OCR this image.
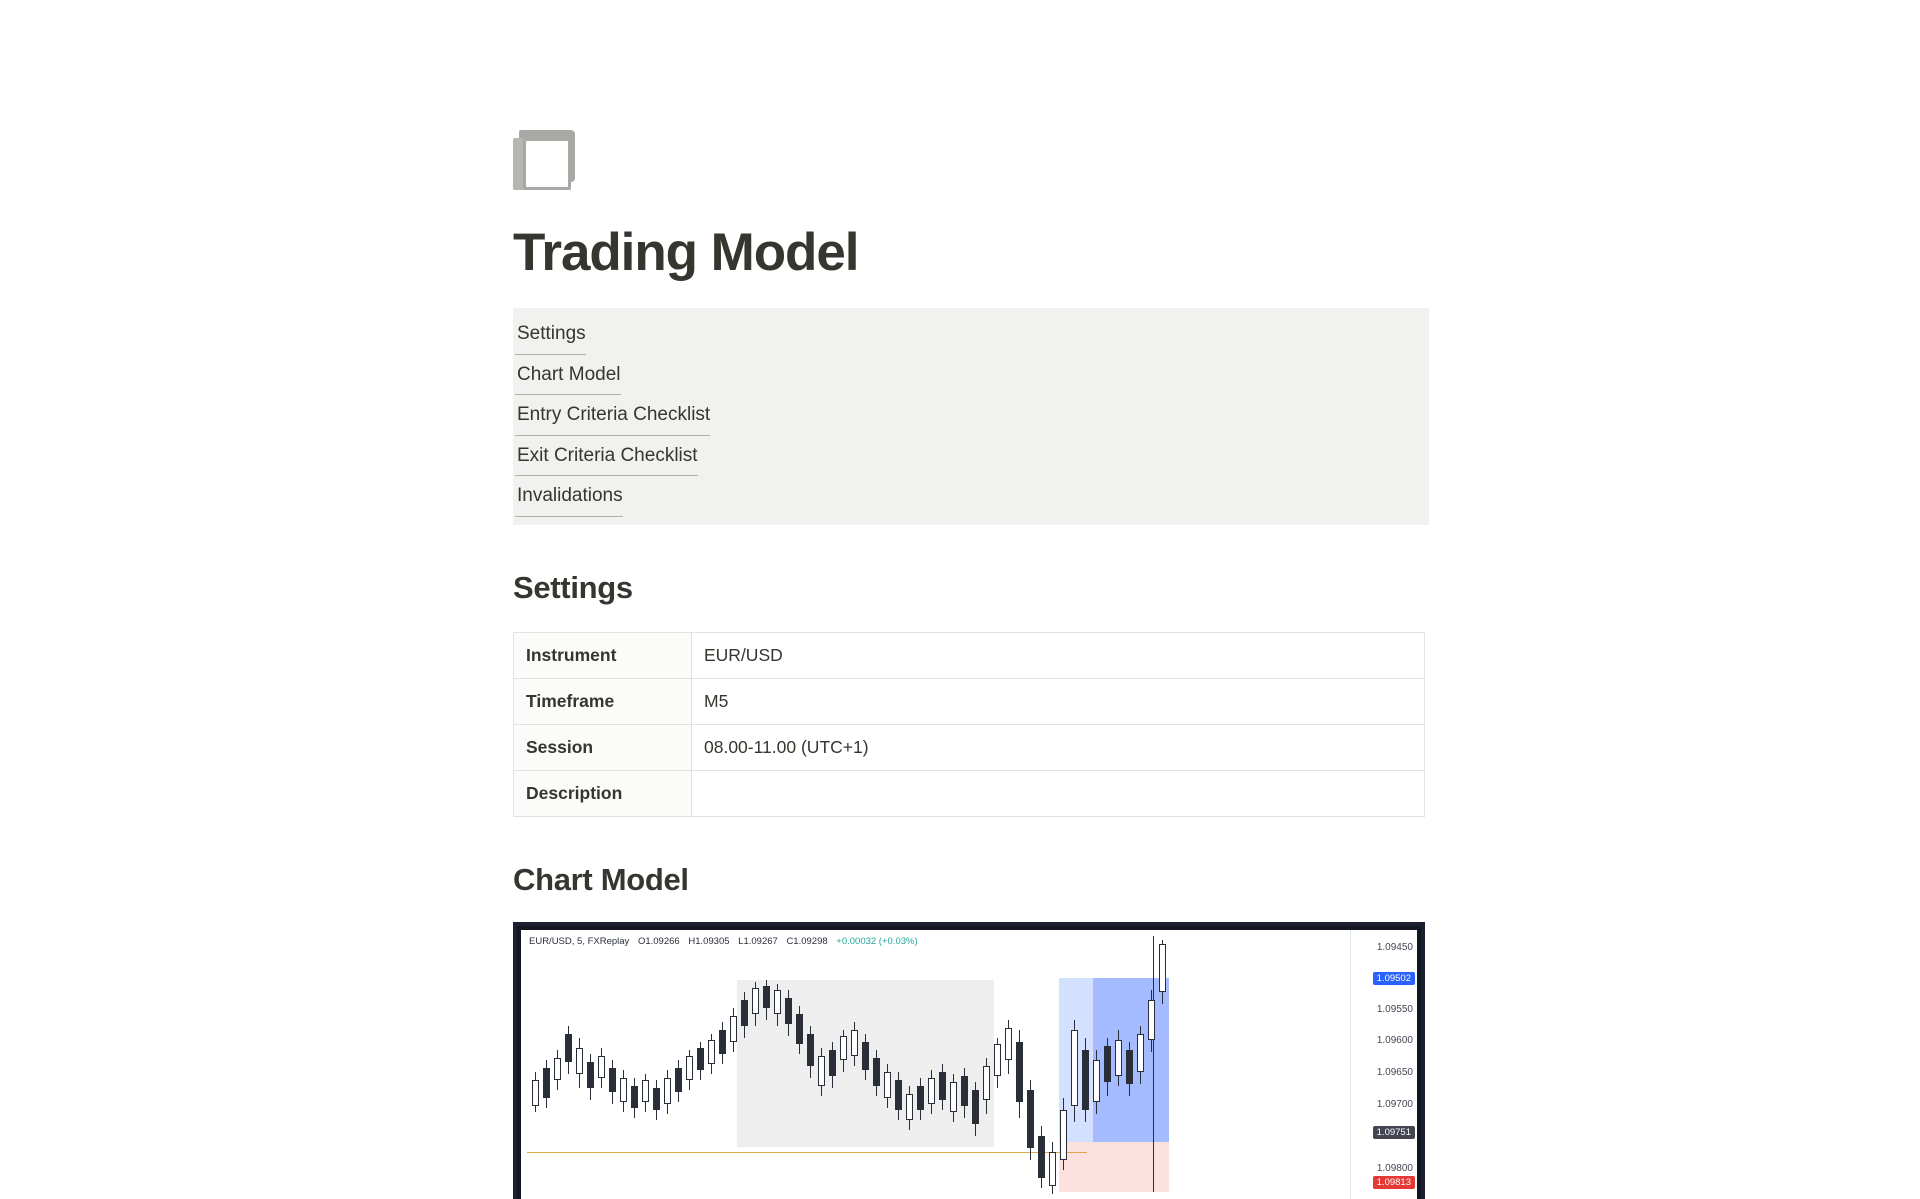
Trading Model
Settings
Chart Model
Entry Criteria Checklist
Exit Criteria Checklist
Invalidations
Settings
Instrument	EUR/USD
Timeframe	M5
Session	08.00-11.00 (UTC+1)
Description	
Chart Model
EUR/USD, 5, FXReplay O1.09266 H1.09305 L1.09267 C1.09298 +0.00032 (+0.03%)
1.09450
1.09550
1.09600
1.09650
1.09700
1.09800
1.09502
1.09751
1.09813
